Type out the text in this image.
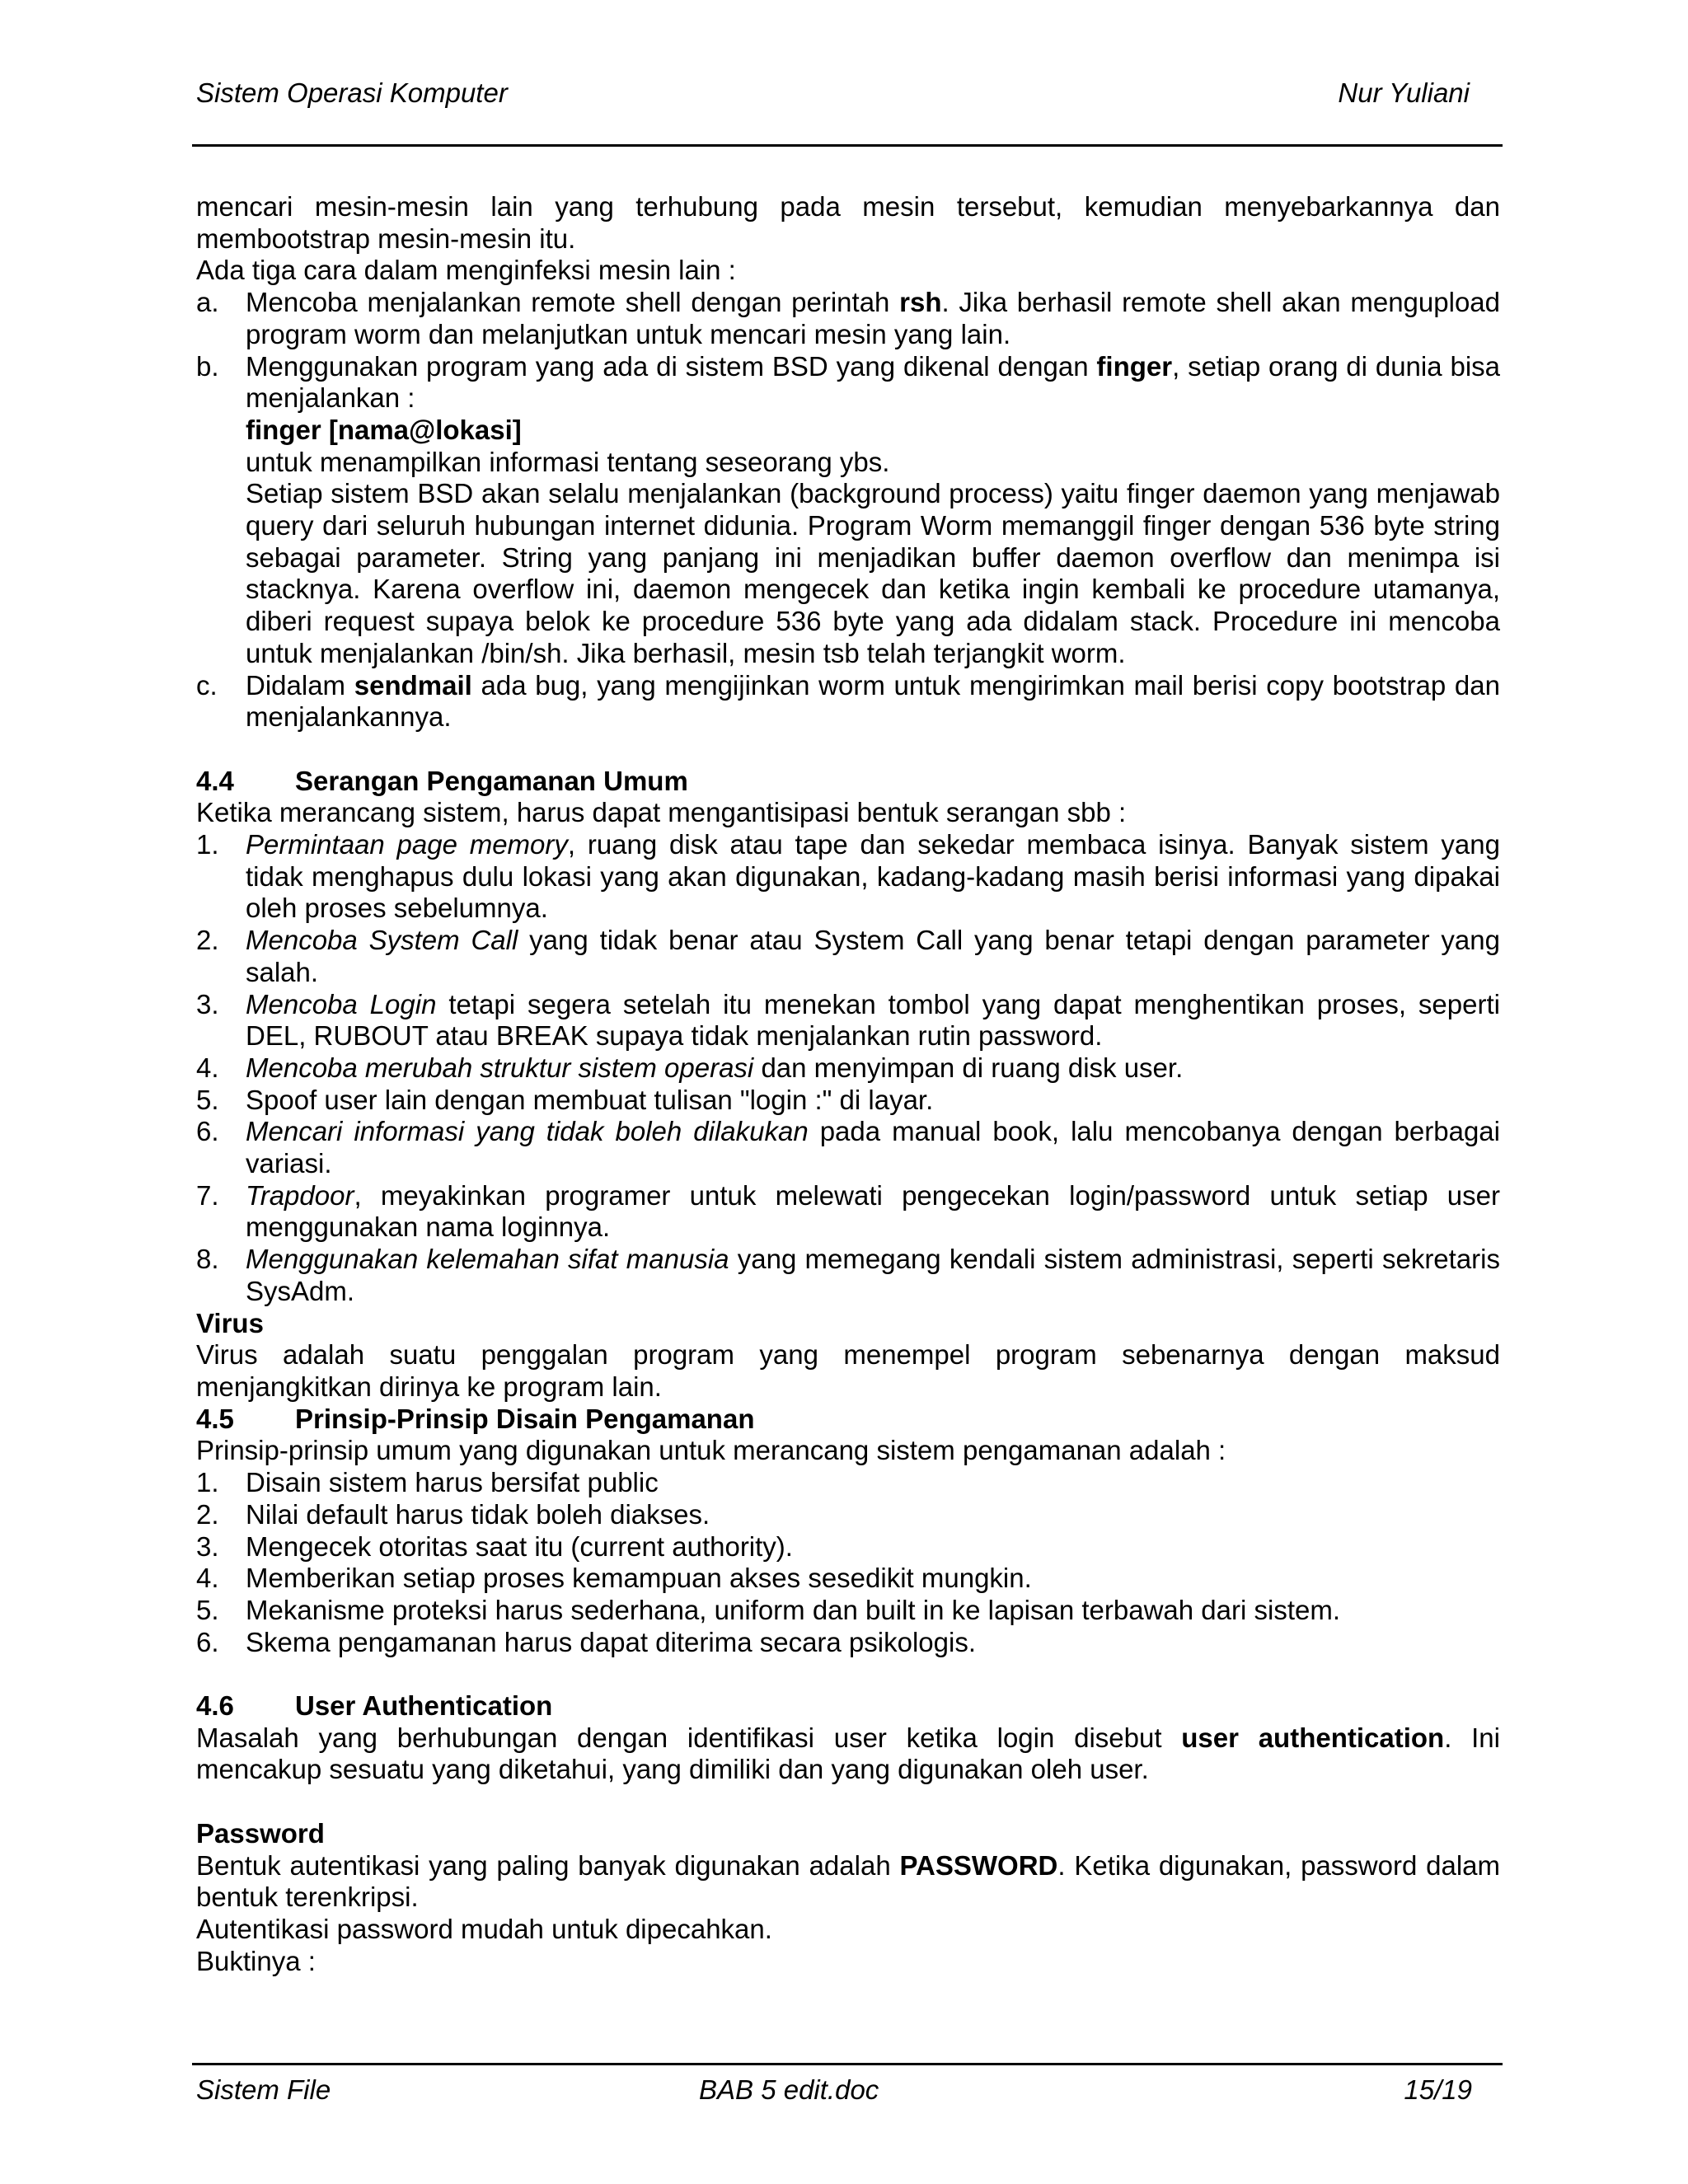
Sistem Operasi Komputer	Nur Yuliani

mencari mesin-mesin lain yang terhubung pada mesin tersebut, kemudian menyebarkannya dan membootstrap mesin-mesin itu.

Ada tiga cara dalam menginfeksi mesin lain :

a. Mencoba menjalankan remote shell dengan perintah rsh. Jika berhasil remote shell akan mengupload program worm dan melanjutkan untuk mencari mesin yang lain.
b. Menggunakan program yang ada di sistem BSD yang dikenal dengan finger, setiap orang di dunia bisa menjalankan :
finger [nama@lokasi]
untuk menampilkan informasi tentang seseorang ybs.
Setiap sistem BSD akan selalu menjalankan (background process) yaitu finger daemon yang menjawab query dari seluruh hubungan internet didunia. Program Worm memanggil finger dengan 536 byte string sebagai parameter. String yang panjang ini menjadikan buffer daemon overflow dan menimpa isi stacknya. Karena overflow ini, daemon mengecek dan ketika ingin kembali ke procedure utamanya, diberi request supaya belok ke procedure 536 byte yang ada didalam stack. Procedure ini mencoba untuk menjalankan /bin/sh. Jika berhasil, mesin tsb telah terjangkit worm.
c. Didalam sendmail ada bug, yang mengijinkan worm untuk mengirimkan mail berisi copy bootstrap dan menjalankannya.
4.4 Serangan Pengamanan Umum

Ketika merancang sistem, harus dapat mengantisipasi bentuk serangan sbb :

1. Permintaan page memory, ruang disk atau tape dan sekedar membaca isinya. Banyak sistem yang tidak menghapus dulu lokasi yang akan digunakan, kadang-kadang masih berisi informasi yang dipakai oleh proses sebelumnya.
2. Mencoba System Call yang tidak benar atau System Call yang benar tetapi dengan parameter yang salah.
3. Mencoba Login tetapi segera setelah itu menekan tombol yang dapat menghentikan proses, seperti DEL, RUBOUT atau BREAK supaya tidak menjalankan rutin password.
4. Mencoba merubah struktur sistem operasi dan menyimpan di ruang disk user.
5. Spoof user lain dengan membuat tulisan "login :" di layar.
6. Mencari informasi yang tidak boleh dilakukan pada manual book, lalu mencobanya dengan berbagai variasi.
7. Trapdoor, meyakinkan programer untuk melewati pengecekan login/password untuk setiap user menggunakan nama loginnya.
8. Menggunakan kelemahan sifat manusia yang memegang kendali sistem administrasi, seperti sekretaris SysAdm.
Virus

Virus adalah suatu penggalan program yang menempel program sebenarnya dengan maksud menjangkitkan dirinya ke program lain.

4.5 Prinsip-Prinsip Disain Pengamanan

Prinsip-prinsip umum yang digunakan untuk merancang sistem pengamanan adalah :

1. Disain sistem harus bersifat public
2. Nilai default harus tidak boleh diakses.
3. Mengecek otoritas saat itu (current authority).
4. Memberikan setiap proses kemampuan akses sesedikit mungkin.
5. Mekanisme proteksi harus sederhana, uniform dan built in ke lapisan terbawah dari sistem.
6. Skema pengamanan harus dapat diterima secara psikologis.
4.6 User Authentication

Masalah yang berhubungan dengan identifikasi user ketika login disebut user authentication. Ini mencakup sesuatu yang diketahui, yang dimiliki dan yang digunakan oleh user.

Password

Bentuk autentikasi yang paling banyak digunakan adalah PASSWORD. Ketika digunakan, password dalam bentuk terenkripsi.

Autentikasi password mudah untuk dipecahkan.

Buktinya :

Sistem File	BAB 5 edit.doc	15/19
